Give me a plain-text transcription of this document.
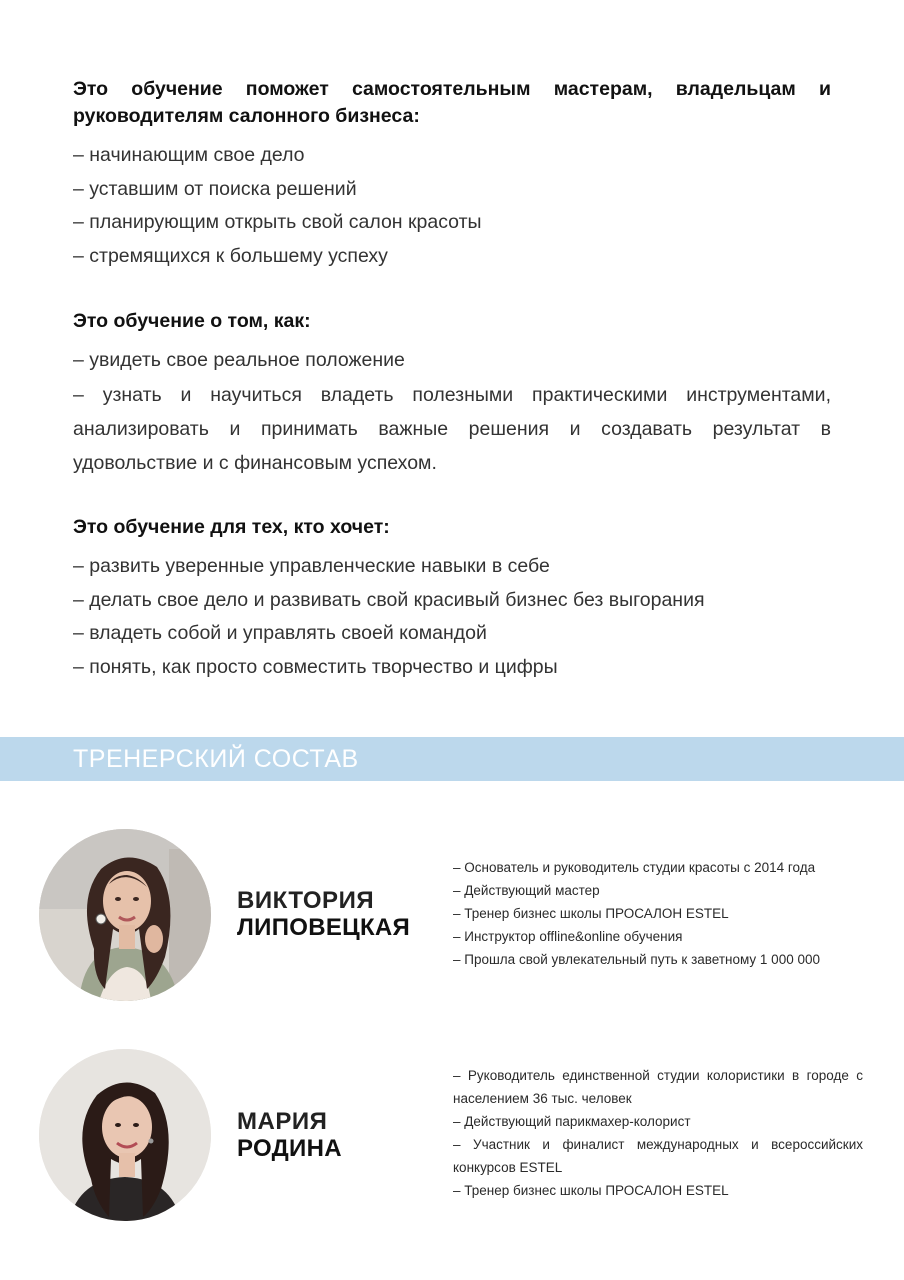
Это обучение поможет самостоятельным мастерам, владельцам и руководителям салонного бизнеса:

– начинающим свое дело
– уставшим от поиска решений
– планирующим открыть свой салон красоты
– стремящихся к большему успеху

Это обучение о том, как:

– увидеть свое реальное положение
– узнать и научиться владеть полезными практическими инструментами, анализировать и принимать важные решения и создавать результат в удовольствие и с финансовым успехом.

Это обучение для тех, кто хочет:

– развить уверенные управленческие навыки в себе
– делать свое дело и развивать свой красивый бизнес без выгорания
– владеть собой и управлять своей командой
– понять, как просто совместить творчество и цифры
ТРЕНЕРСКИЙ СОСТАВ
ВИКТОРИЯ
ЛИПОВЕЦКАЯ
– Основатель и руководитель студии красоты с 2014 года
– Действующий мастер
– Тренер бизнес школы ПРОСАЛОН ESTEL
– Инструктор offline&online обучения
– Прошла свой увлекательный путь к заветному 1 000 000
МАРИЯ
РОДИНА
– Руководитель единственной студии колористики в городе с населением 36 тыс. человек
– Действующий парикмахер-колорист
– Участник и финалист международных и всероссийских конкурсов ESTEL
– Тренер бизнес школы ПРОСАЛОН ESTEL
